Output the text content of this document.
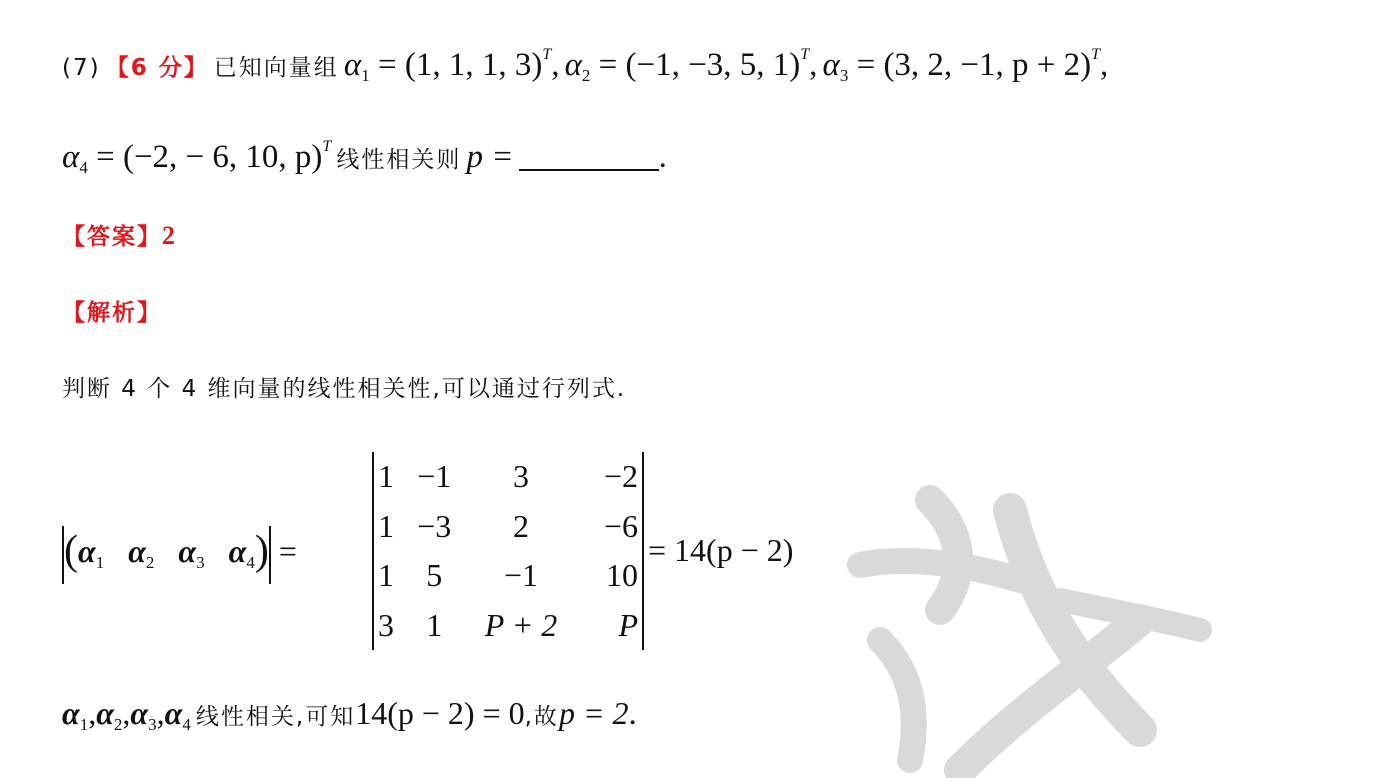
(7) 【6 分】 已知向量组 $\alpha_1 = (1$, 1, 1, 3)$^T$, $\alpha_2 = (-1$, −3, 5, 1)$^T$, $\alpha_3 = (3$, 2, −1, p + 2)$^T$,
$\alpha_4 = (-2$, − 6, 10, p)$^T$ 线性相关则 p =	.
【答案】2
【解析】
判断 4 个 4 维向量的线性相关性,可以通过行列式.
($\alpha_1$ $\alpha_2$ $\alpha_3$ $\alpha_4$) =
1	−1	3	−2
1	−3	2	−6
1	5	−1	10
3	1	P + 2	P
= 14(p − 2)
$\alpha_1,\alpha_2,\alpha_3,\alpha_4$ 线性相关,可知14(p − 2) = 0,故p = 2.
